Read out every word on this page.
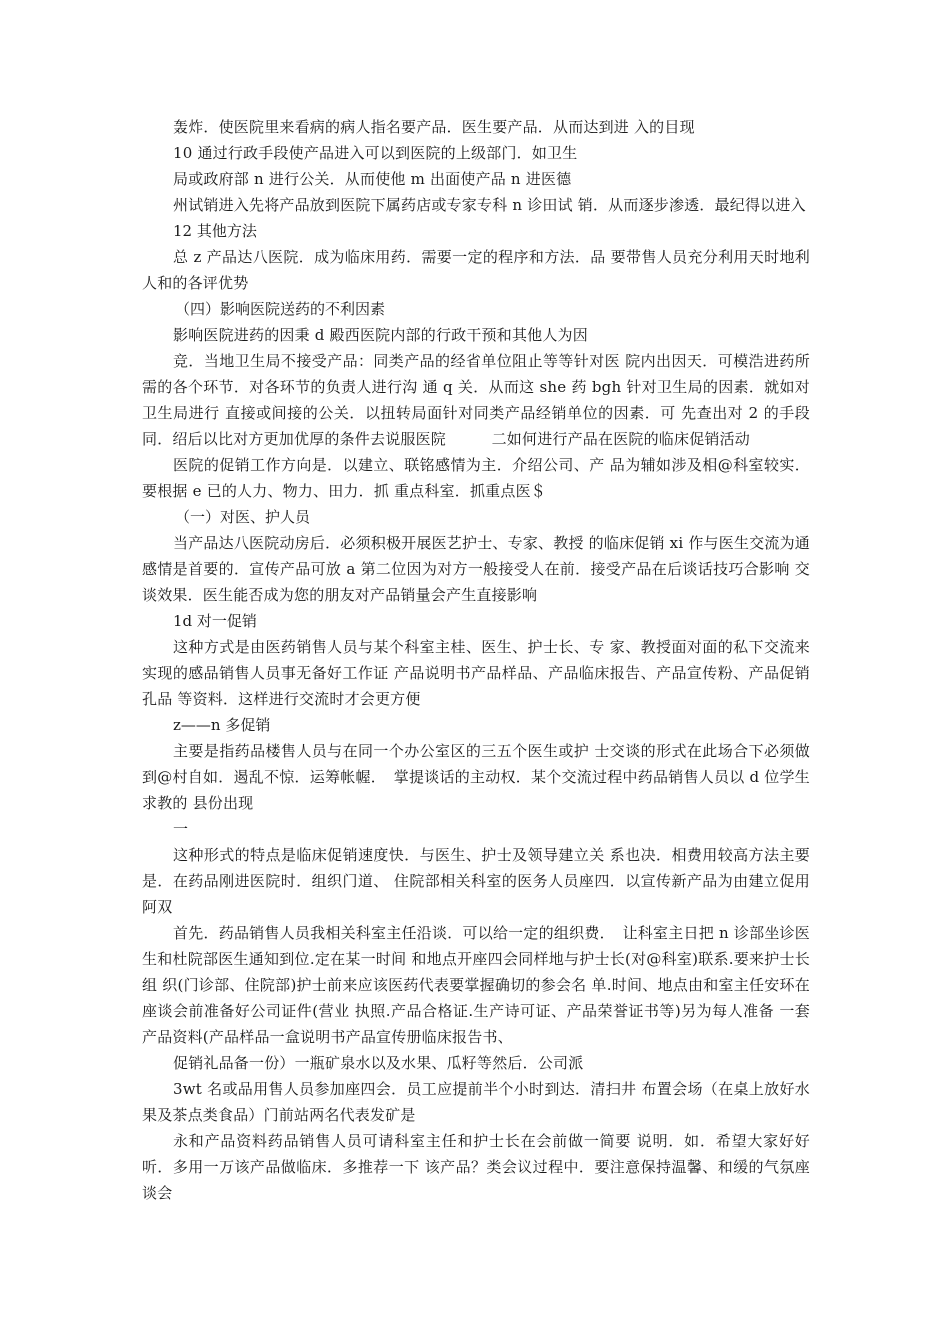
轰炸．使医院里来看病的病人指名要产品．医生要产品．从而达到进 入的目现

10 通过行政手段使产品进入可以到医院的上级部门．如卫生

局或政府部 n 进行公关．从而使他 m 出面使产品 n 进医德

州试销进入先将产品放到医院下属药店或专家专科 n 诊田试 销．从而逐步渗透．最纪得以进入

12 其他方法

总 z 产品达八医院．成为临床用药．需要一定的程序和方法．品 要带售人员充分利用天时地利人和的各评优势

（四）影响医院送药的不利因素

影响医院进药的因秉 d 殿西医院内部的行政干预和其他人为因

竞．当地卫生局不接受产品：同类产品的经省单位阻止等等针对医 院内出因天．可模浩进药所需的各个环节．对各环节的负责人进行沟 通 q 关．从而这 she 药 bgh 针对卫生局的因素．就如对卫生局进行 直接或间接的公关．以扭转局面针对同类产品经销单位的因素．可 先查出对 2 的手段同．绍后以比对方更加优厚的条件去说服医院　　　二如何进行产品在医院的临床促销活动

医院的促销工作方向是．以建立、联铭感情为主．介绍公司、产 品为辅如涉及相@科室较实．要根据 e 已的人力、物力、田力．抓 重点科室．抓重点医＄

（一）对医、护人员

当产品达八医院动房后．必须积极开展医艺护士、专家、教授 的临床促销 xi 作与医生交流为通感情是首要的．宣传产品可放 a 第二位因为对方一般接受人在前．接受产品在后谈话技巧合影响 交谈效果．医生能否成为您的朋友对产品销量会产生直接影响

1d 对一促销

这种方式是由医药销售人员与某个科室主桂、医生、护士长、专 家、教授面对面的私下交流来实现的感品销售人员事无备好工作证 产品说明书产品样品、产品临床报告、产品宣传粉、产品促销孔品 等资料．这样进行交流时才会更方便

z——n 多促销

主要是指药品楼售人员与在同一个办公室区的三五个医生或护 士交谈的形式在此场合下必须做到@村自如．遏乱不惊．运筹帐幄．　掌提谈话的主动权．某个交流过程中药品销售人员以 d 位学生求教的 县份出现

一

这种形式的特点是临床促销速度快．与医生、护士及领导建立关 系也决．相费用较高方法主要是．在药品刚进医院时．组织门道、 住院部相关科室的医务人员座四．以宣传新产品为由建立促用阿双

首先．药品销售人员我相关科室主任沿谈．可以给一定的组织费．　让科室主日把 n 诊部坐诊医生和杜院部医生通知到位.定在某一时间 和地点开座四会同样地与护士长(对@科室)联系.要来护士长组 织(门诊部、住院部)护士前来应该医药代表要掌握确切的参会名 单.时间、地点由和室主任安环在座谈会前准备好公司证件(营业 执照.产品合格证.生产诗可证、产品荣誉证书等)另为每人准备 一套产品资料(产品样品一盒说明书产品宣传册临床报告书、

促销礼品备一份）一瓶矿泉水以及水果、瓜籽等然后．公司派

3wt 名或品用售人员参加座四会．员工应提前半个小时到达．清扫井 布置会场（在桌上放好水果及茶点类食品）门前站两名代表发矿是

永和产品资料药品销售人员可请科室主任和护士长在会前做一简要 说明．如．希望大家好好听．多用一万该产品做临床．多推荐一下 该产品？类会议过程中．要注意保持温馨、和缓的气氛座谈会
